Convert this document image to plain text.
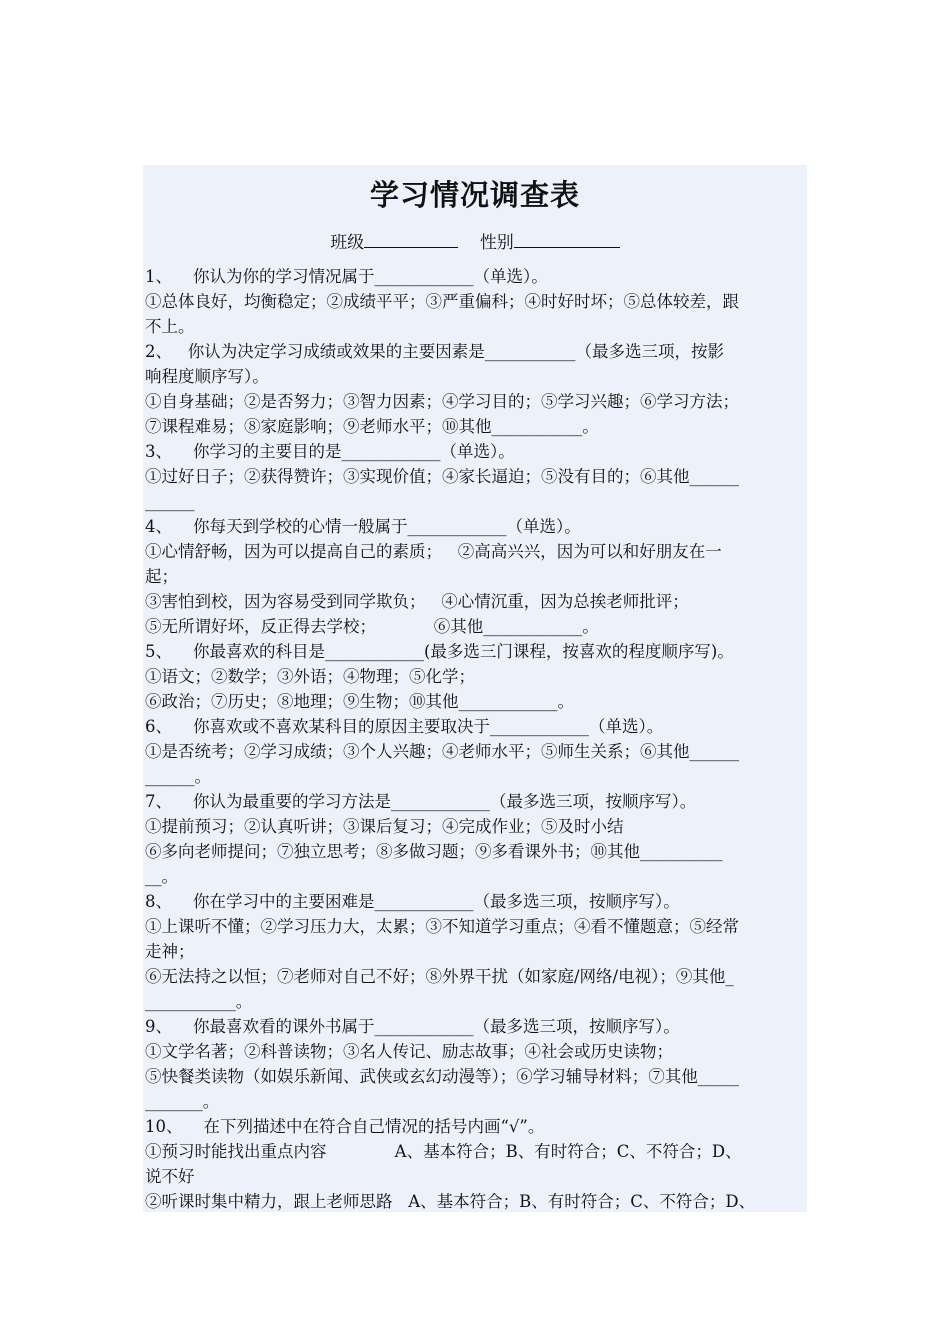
学习情况调查表
班级	性别
1、    你认为你的学习情况属于____________（单选）。
①总体良好，均衡稳定；②成绩平平；③严重偏科；④时好时坏；⑤总体较差，跟
不上。
2、   你认为决定学习成绩或效果的主要因素是___________（最多选三项，按影
响程度顺序写）。
①自身基础；②是否努力；③智力因素；④学习目的；⑤学习兴趣；⑥学习方法；
⑦课程难易；⑧家庭影响；⑨老师水平；⑩其他___________。
3、    你学习的主要目的是____________（单选）。
①过好日子；②获得赞许；③实现价值；④家长逼迫；⑤没有目的；⑥其他______
______
4、    你每天到学校的心情一般属于____________（单选）。
①心情舒畅，因为可以提高自己的素质；   ②高高兴兴，因为可以和好朋友在一
起；
③害怕到校，因为容易受到同学欺负；   ④心情沉重，因为总挨老师批评；
⑤无所谓好坏，反正得去学校；           ⑥其他____________。
5、    你最喜欢的科目是____________(最多选三门课程，按喜欢的程度顺序写)。
①语文；②数学；③外语；④物理；⑤化学；
⑥政治；⑦历史；⑧地理；⑨生物；⑩其他____________。
6、    你喜欢或不喜欢某科目的原因主要取决于____________（单选）。
①是否统考；②学习成绩；③个人兴趣；④老师水平；⑤师生关系；⑥其他______
______。
7、    你认为最重要的学习方法是____________（最多选三项，按顺序写）。
①提前预习；②认真听讲；③课后复习；④完成作业；⑤及时小结
⑥多向老师提问；⑦独立思考；⑧多做习题；⑨多看课外书；⑩其他__________
__。
8、    你在学习中的主要困难是____________（最多选三项，按顺序写）。
①上课听不懂；②学习压力大，太累；③不知道学习重点；④看不懂题意；⑤经常
走神；
⑥无法持之以恒；⑦老师对自己不好；⑧外界干扰（如家庭/网络/电视）；⑨其他_
___________。
9、    你最喜欢看的课外书属于____________（最多选三项，按顺序写）。
①文学名著；②科普读物；③名人传记、励志故事；④社会或历史读物；
⑤快餐类读物（如娱乐新闻、武侠或玄幻动漫等）；⑥学习辅导材料；⑦其他_____
_______。
10、    在下列描述中在符合自己情况的括号内画“√”。
①预习时能找出重点内容             A、基本符合；B、有时符合；C、不符合；D、
说不好
②听课时集中精力，跟上老师思路   A、基本符合；B、有时符合；C、不符合；D、
